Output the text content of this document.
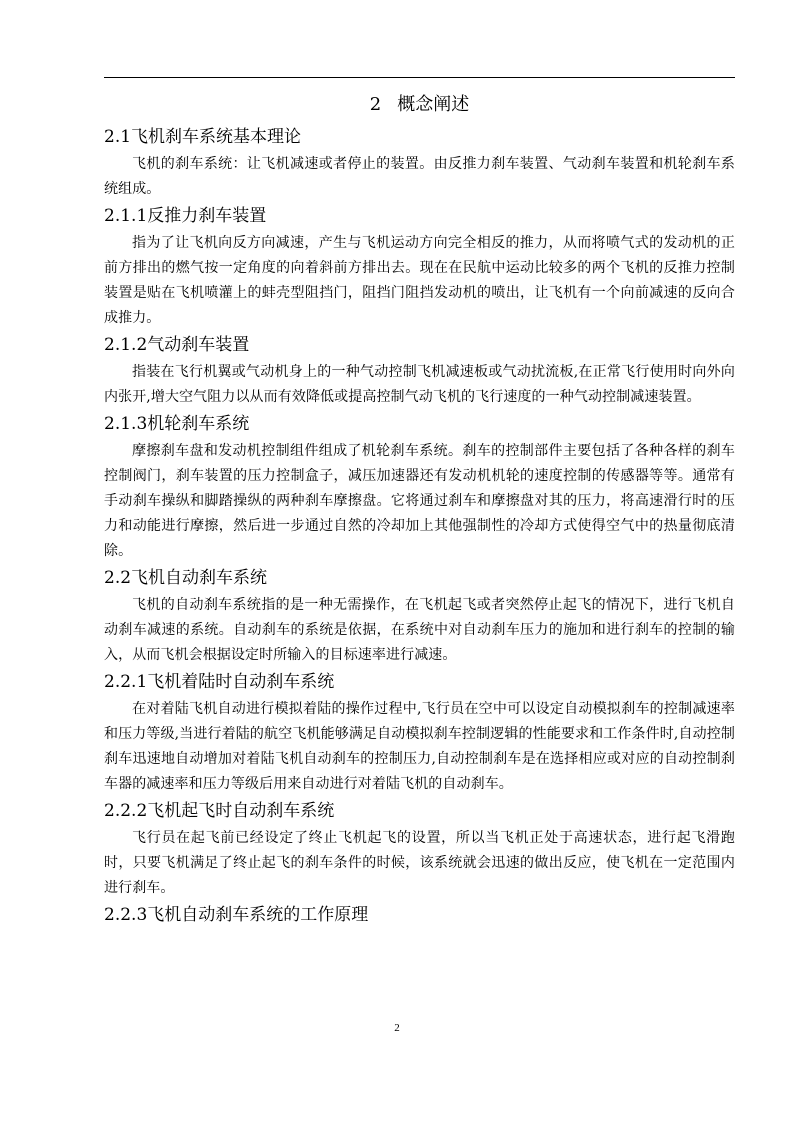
2 概念阐述
2.1飞机刹车系统基本理论

飞机的刹车系统：让飞机减速或者停止的装置。由反推力刹车装置、气动刹车装置和机轮刹车系统组成。

2.1.1反推力刹车装置

指为了让飞机向反方向减速，产生与飞机运动方向完全相反的推力，从而将喷气式的发动机的正前方排出的燃气按一定角度的向着斜前方排出去。现在在民航中运动比较多的两个飞机的反推力控制装置是贴在飞机喷灌上的蚌壳型阻挡门，阻挡门阻挡发动机的喷出，让飞机有一个向前减速的反向合成推力。

2.1.2气动刹车装置

指装在飞行机翼或气动机身上的一种气动控制飞机减速板或气动扰流板,在正常飞行使用时向外向内张开,增大空气阻力以从而有效降低或提高控制气动飞机的飞行速度的一种气动控制减速装置。

2.1.3机轮刹车系统

摩擦刹车盘和发动机控制组件组成了机轮刹车系统。刹车的控制部件主要包括了各种各样的刹车控制阀门，刹车装置的压力控制盒子，减压加速器还有发动机机轮的速度控制的传感器等等。通常有手动刹车操纵和脚踏操纵的两种刹车摩擦盘。它将通过刹车和摩擦盘对其的压力，将高速滑行时的压力和动能进行摩擦，然后进一步通过自然的冷却加上其他强制性的冷却方式使得空气中的热量彻底清除。

2.2飞机自动刹车系统

飞机的自动刹车系统指的是一种无需操作，在飞机起飞或者突然停止起飞的情况下，进行飞机自动刹车减速的系统。自动刹车的系统是依据，在系统中对自动刹车压力的施加和进行刹车的控制的输入，从而飞机会根据设定时所输入的目标速率进行减速。

2.2.1飞机着陆时自动刹车系统

在对着陆飞机自动进行模拟着陆的操作过程中,飞行员在空中可以设定自动模拟刹车的控制减速率和压力等级,当进行着陆的航空飞机能够满足自动模拟刹车控制逻辑的性能要求和工作条件时,自动控制刹车迅速地自动增加对着陆飞机自动刹车的控制压力,自动控制刹车是在选择相应或对应的自动控制刹车器的减速率和压力等级后用来自动进行对着陆飞机的自动刹车。

2.2.2飞机起飞时自动刹车系统

飞行员在起飞前已经设定了终止飞机起飞的设置，所以当飞机正处于高速状态，进行起飞滑跑时，只要飞机满足了终止起飞的刹车条件的时候，该系统就会迅速的做出反应，使飞机在一定范围内进行刹车。

2.2.3飞机自动刹车系统的工作原理
2
